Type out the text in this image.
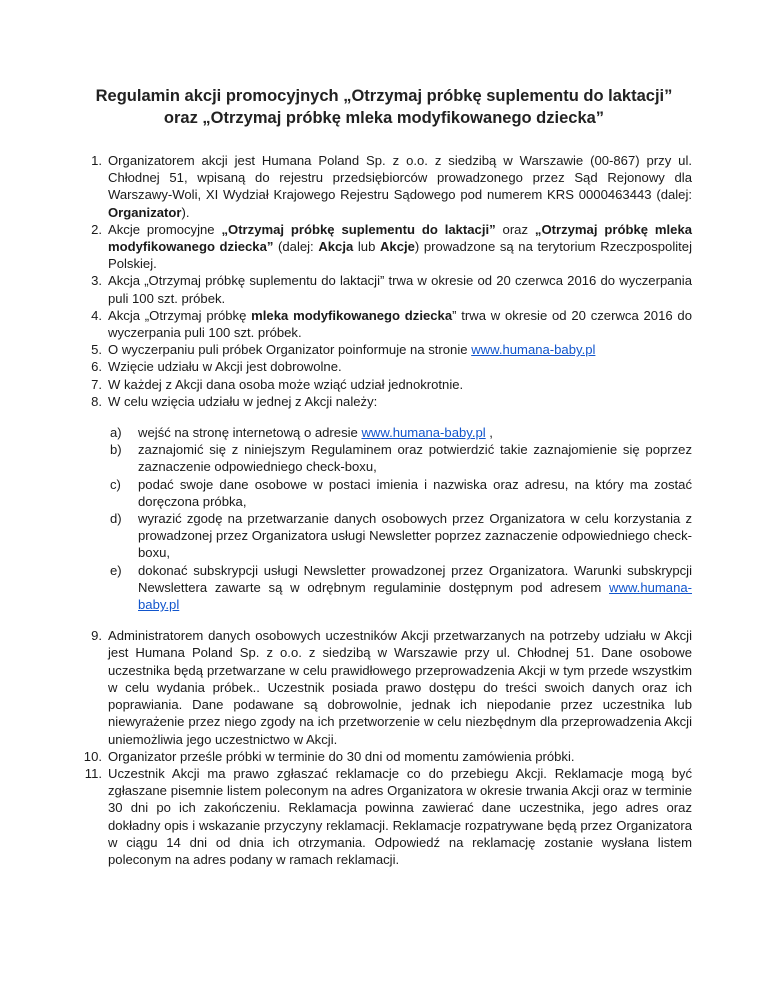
Regulamin akcji promocyjnych „Otrzymaj próbkę suplementu do laktacji”
oraz „Otrzymaj próbkę mleka modyfikowanego dziecka”
1. Organizatorem akcji jest Humana Poland Sp. z o.o. z siedzibą w Warszawie (00-867) przy ul. Chłodnej 51, wpisaną do rejestru przedsiębiorców prowadzonego przez Sąd Rejonowy dla Warszawy-Woli, XI Wydział Krajowego Rejestru Sądowego pod numerem KRS 0000463443 (dalej: Organizator).
2. Akcje promocyjne „Otrzymaj próbkę suplementu do laktacji” oraz „Otrzymaj próbkę mleka modyfikowanego dziecka” (dalej: Akcja lub Akcje) prowadzone są na terytorium Rzeczpospolitej Polskiej.
3. Akcja „Otrzymaj próbkę suplementu do laktacji” trwa w okresie od 20 czerwca 2016 do wyczerpania puli 100 szt. próbek.
4. Akcja „Otrzymaj próbkę mleka modyfikowanego dziecka” trwa w okresie od 20 czerwca 2016 do wyczerpania puli 100 szt. próbek.
5. O wyczerpaniu puli próbek Organizator poinformuje na stronie www.humana-baby.pl
6. Wzięcie udziału w Akcji jest dobrowolne.
7. W każdej z Akcji dana osoba może wziąć udział jednokrotnie.
8. W celu wzięcia udziału w jednej z Akcji należy:
a) wejść na stronę internetową o adresie www.humana-baby.pl ,
b) zaznajomić się z niniejszym Regulaminem oraz potwierdzić takie zaznajomienie się poprzez zaznaczenie odpowiedniego check-boxu,
c) podać swoje dane osobowe w postaci imienia i nazwiska oraz adresu, na który ma zostać doręczona próbka,
d) wyrazić zgodę na przetwarzanie danych osobowych przez Organizatora w celu korzystania z prowadzonej przez Organizatora usługi Newsletter poprzez zaznaczenie odpowiedniego check-boxu,
e) dokonać subskrypcji usługi Newsletter prowadzonej przez Organizatora. Warunki subskrypcji Newslettera zawarte są w odrębnym regulaminie dostępnym pod adresem www.humana-baby.pl
9. Administratorem danych osobowych uczestników Akcji przetwarzanych na potrzeby udziału w Akcji jest Humana Poland Sp. z o.o. z siedzibą w Warszawie przy ul. Chłodnej 51. Dane osobowe uczestnika będą przetwarzane w celu prawidłowego przeprowadzenia Akcji w tym przede wszystkim w celu wydania próbek.. Uczestnik posiada prawo dostępu do treści swoich danych oraz ich poprawiania. Dane podawane są dobrowolnie, jednak ich niepodanie przez uczestnika lub niewyrażenie przez niego zgody na ich przetworzenie w celu niezbędnym dla przeprowadzenia Akcji uniemożliwia jego uczestnictwo w Akcji.
10. Organizator prześle próbki w terminie do 30 dni od momentu zamówienia próbki.
11. Uczestnik Akcji ma prawo zgłaszać reklamacje co do przebiegu Akcji. Reklamacje mogą być zgłaszane pisemnie listem poleconym na adres Organizatora w okresie trwania Akcji oraz w terminie 30 dni po ich zakończeniu. Reklamacja powinna zawierać dane uczestnika, jego adres oraz dokładny opis i wskazanie przyczyny reklamacji. Reklamacje rozpatrywane będą przez Organizatora w ciągu 14 dni od dnia ich otrzymania. Odpowiedź na reklamację zostanie wysłana listem poleconym na adres podany w ramach reklamacji.
